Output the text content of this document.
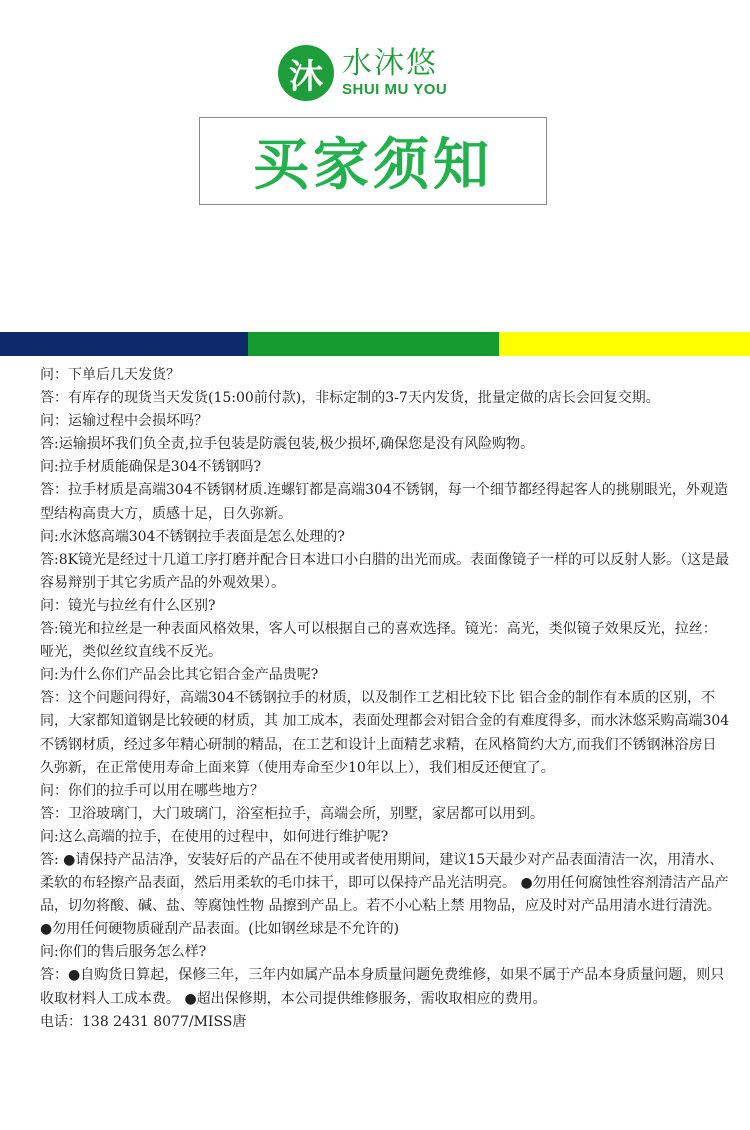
沐 水沐悠
SHUI MU YOU
买家须知

问：下单后几天发货？

答：有库存的现货当天发货(15:00前付款)，非标定制的3-7天内发货，批量定做的店长会回复交期。

问：运输过程中会损坏吗？

答:运输损坏我们负全责,拉手包装是防震包装,极少损坏,确保您是没有风险购物。

问:拉手材质能确保是304不锈钢吗?

答：拉手材质是高端304不锈钢材质.连螺钉都是高端304不锈钢，每一个细节都经得起客人的挑剔眼光，外观造型结构高贵大方，质感十足，日久弥新。

问:水沐悠高端304不锈钢拉手表面是怎么处理的?

答:8K镜光是经过十几道工序打磨并配合日本进口小白腊的出光而成。表面像镜子一样的可以反射人影。（这是最容易辩别于其它劣质产品的外观效果）。

问：镜光与拉丝有什么区别?

答:镜光和拉丝是一种表面风格效果，客人可以根据自己的喜欢选择。镜光：高光，类似镜子效果反光，拉丝：哑光，类似丝纹直线不反光。

问:为什么你们产品会比其它铝合金产品贵呢?

答：这个问题问得好，高端304不锈钢拉手的材质，以及制作工艺相比较下比 铝合金的制作有本质的区别，不同，大家都知道钢是比较硬的材质，其 加工成本，表面处理都会对铝合金的有难度得多，而水沐悠采购高端304不锈钢材质，经过多年精心研制的精品，在工艺和设计上面精艺求精，在风格简约大方,而我们不锈钢淋浴房日久弥新，在正常使用寿命上面来算（使用寿命至少10年以上），我们相反还便宜了。

问：你们的拉手可以用在哪些地方？

答：卫浴玻璃门，大门玻璃门，浴室柜拉手，高端会所，别墅，家居都可以用到。

问:这么高端的拉手，在使用的过程中，如何进行维护呢?

答: ●请保持产品洁净，安装好后的产品在不使用或者使用期间，建议15天最少对产品表面清洁一次，用清水、柔软的布轻擦产品表面，然后用柔软的毛巾抹干，即可以保持产品光洁明亮。 ●勿用任何腐蚀性容剂清洁产品产品，切勿将酸、碱、盐、等腐蚀性物 品擦到产品上。若不小心粘上禁 用物品，应及时对产品用清水进行清洗。 ●勿用任何硬物质碰刮产品表面。(比如钢丝球是不允许的)

问:你们的售后服务怎么样?

答：●自购货日算起，保修三年，三年内如属产品本身质量问题免费维修，如果不属于产品本身质量问题，则只收取材料人工成本费。 ●超出保修期，本公司提供维修服务，需收取相应的费用。

电话：138 2431 8077/MISS唐
